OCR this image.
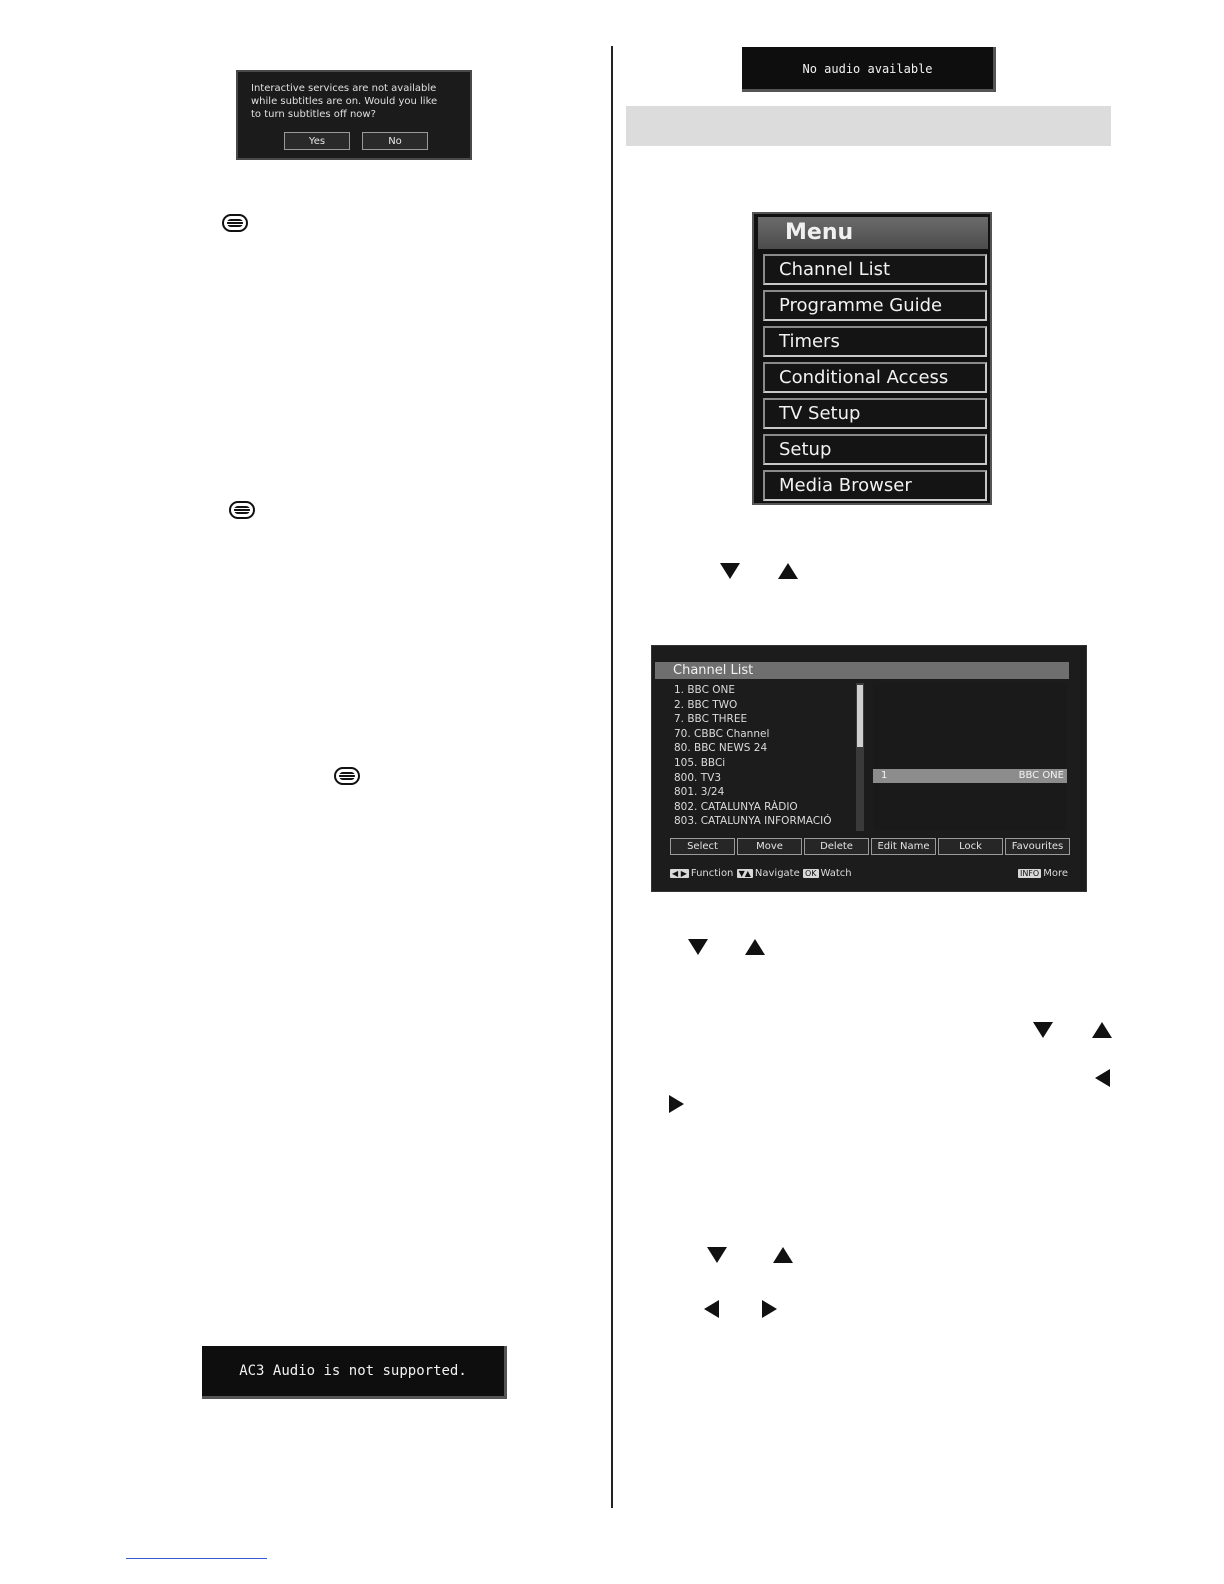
Interactive services are not available
while subtitles are on. Would you like
to turn subtitles off now?
Yes	No
AC3 Audio is not supported.
No audio available
Menu
Channel List
Programme Guide
Timers
Conditional Access
TV Setup
Setup
Media Browser
Channel List
1. BBC ONE
2. BBC TWO
7. BBC THREE
70. CBBC Channel
80. BBC NEWS 24
105. BBCi
800. TV3
801. 3/24
802. CATALUNYA RÀDIO
803. CATALUNYA INFORMACIÓ
1	BBC ONE
Select	Move	Delete	Edit Name	Lock	Favourites
◀ ▶ Function ▼▲ Navigate OK Watch	INFO More
